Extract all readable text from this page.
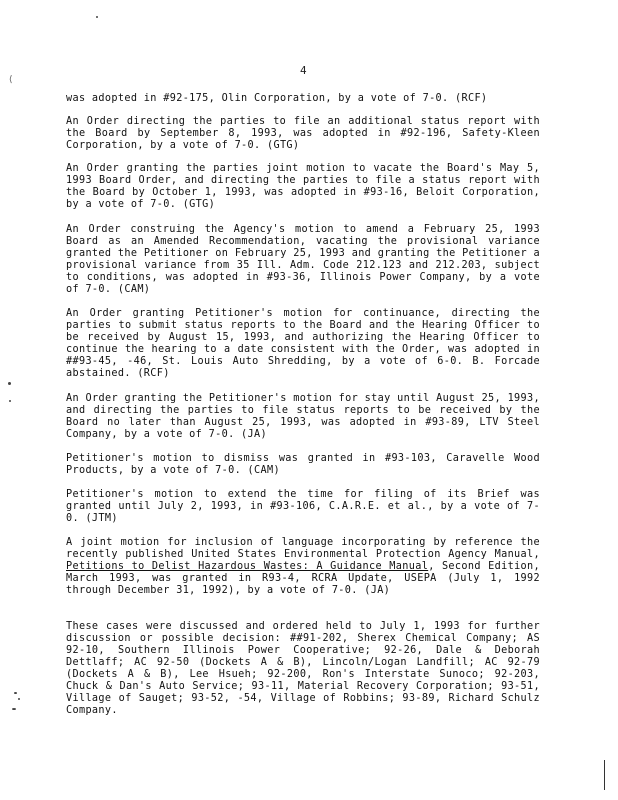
⟨
4

was adopted in #92-175, Olin Corporation, by a vote of 7-0. (RCF)

An Order directing the parties to file an additional status report with the Board by September 8, 1993, was adopted in #92-196, Safety-Kleen Corporation, by a vote of 7-0. (GTG)

An Order granting the parties joint motion to vacate the Board's May 5, 1993 Board Order, and directing the parties to file a status report with the Board by October 1, 1993, was adopted in #93-16, Beloit Corporation, by a vote of 7-0. (GTG)

An Order construing the Agency's motion to amend a February 25, 1993 Board as an Amended Recommendation, vacating the provisional variance granted the Petitioner on February 25, 1993 and granting the Petitioner a provisional variance from 35 Ill. Adm. Code 212.123 and 212.203, subject to conditions, was adopted in #93-36, Illinois Power Company, by a vote of 7-0. (CAM)

An Order granting Petitioner's motion for continuance, directing the parties to submit status reports to the Board and the Hearing Officer to be received by August 15, 1993, and authorizing the Hearing Officer to continue the hearing to a date consistent with the Order, was adopted in ##93-45, -46, St. Louis Auto Shredding, by a vote of 6-0. B. Forcade abstained. (RCF)

An Order granting the Petitioner's motion for stay until August 25, 1993, and directing the parties to file status reports to be received by the Board no later than August 25, 1993, was adopted in #93-89, LTV Steel Company, by a vote of 7-0. (JA)

Petitioner's motion to dismiss was granted in #93-103, Caravelle Wood Products, by a vote of 7-0. (CAM)

Petitioner's motion to extend the time for filing of its Brief was granted until July 2, 1993, in #93-106, C.A.R.E. et al., by a vote of 7-0. (JTM)

A joint motion for inclusion of language incorporating by reference the recently published United States Environmental Protection Agency Manual, Petitions to Delist Hazardous Wastes: A Guidance Manual, Second Edition, March 1993, was granted in R93-4, RCRA Update, USEPA (July 1, 1992 through December 31, 1992), by a vote of 7-0. (JA)

These cases were discussed and ordered held to July 1, 1993 for further discussion or possible decision: ##91-202, Sherex Chemical Company; AS 92-10, Southern Illinois Power Cooperative; 92-26, Dale & Deborah Dettlaff; AC 92-50 (Dockets A & B), Lincoln/Logan Landfill; AC 92-79 (Dockets A & B), Lee Hsueh; 92-200, Ron's Interstate Sunoco; 92-203, Chuck & Dan's Auto Service; 93-11, Material Recovery Corporation; 93-51, Village of Sauget; 93-52, -54, Village of Robbins; 93-89, Richard Schulz Company.
